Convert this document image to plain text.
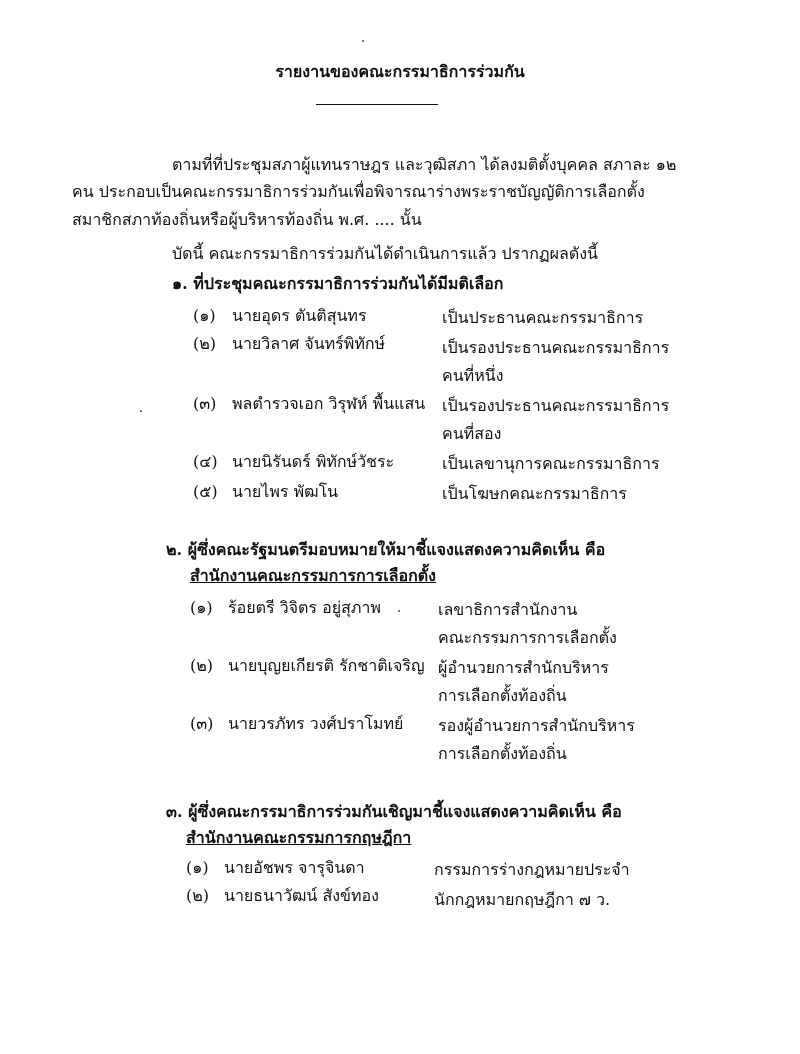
รายงานของคณะกรรมาธิการร่วมกัน
ตามที่ที่ประชุมสภาผู้แทนราษฎร และวุฒิสภา ได้ลงมติตั้งบุคคล สภาละ ๑๒
คน ประกอบเป็นคณะกรรมาธิการร่วมกันเพื่อพิจารณาร่างพระราชบัญญัติการเลือกตั้ง
สมาชิกสภาท้องถิ่นหรือผู้บริหารท้องถิ่น พ.ศ. .... นั้น
บัดนี้ คณะกรรมาธิการร่วมกันได้ดำเนินการแล้ว ปรากฏผลดังนี้
๑. ที่ประชุมคณะกรรมาธิการร่วมกันได้มีมติเลือก
(๑) นายอุดร ตันติสุนทร	เป็นประธานคณะกรรมาธิการ
(๒) นายวิลาศ จันทร์พิทักษ์	เป็นรองประธานคณะกรรมาธิการ
คนที่หนึ่ง
(๓) พลตำรวจเอก วิรุฬห์ พื้นแสน เป็นรองประธานคณะกรรมาธิการ
คนที่สอง
(๔) นายนิรันดร์ พิทักษ์วัชระ	เป็นเลขานุการคณะกรรมาธิการ
(๕) นายไพร พัฒโน	เป็นโฆษกคณะกรรมาธิการ
๒. ผู้ซึ่งคณะรัฐมนตรีมอบหมายให้มาชี้แจงแสดงความคิดเห็น คือ
สำนักงานคณะกรรมการการเลือกตั้ง
(๑) ร้อยตรี วิจิตร อยู่สุภาพ	เลขาธิการสำนักงาน
คณะกรรมการการเลือกตั้ง
(๒) นายบุญยเกียรติ รักชาติเจริญ ผู้อำนวยการสำนักบริหาร
การเลือกตั้งท้องถิ่น
(๓) นายวรภัทร วงศ์ปราโมทย์ รองผู้อำนวยการสำนักบริหาร
การเลือกตั้งท้องถิ่น
๓. ผู้ซึ่งคณะกรรมาธิการร่วมกันเชิญมาชี้แจงแสดงความคิดเห็น คือ
สำนักงานคณะกรรมการกฤษฎีกา
(๑) นายอัชพร จารุจินดา	กรรมการร่างกฎหมายประจำ
(๒) นายธนาวัฒน์ สังข์ทอง	นักกฎหมายกฤษฎีกา ๗ ว.
